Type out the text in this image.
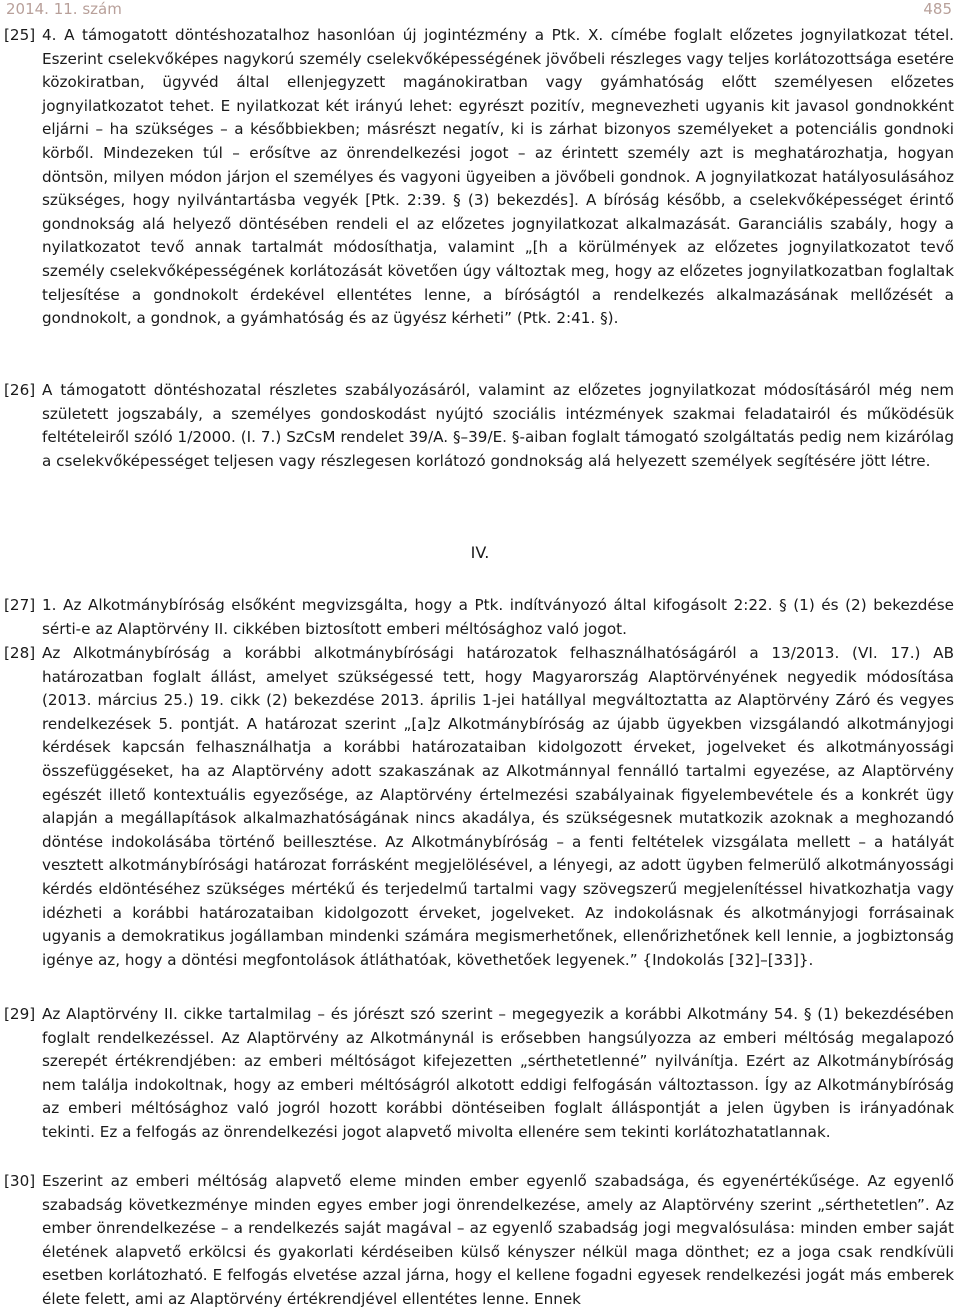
2014. 11. szám	485
[25] 4. A támogatott döntéshozatalhoz hasonlóan új jogintézmény a Ptk. X. címébe foglalt előzetes jognyilatkozat tétel. Eszerint cselekvőképes nagykorú személy cselekvőképességének jövőbeli részleges vagy teljes korlátozottsága esetére közokiratban, ügyvéd által ellenjegyzett magánokiratban vagy gyámhatóság előtt személyesen előzetes jognyilatkozatot tehet. E nyilatkozat két irányú lehet: egyrészt pozitív, megnevezheti ugyanis kit javasol gondnokként eljárni – ha szükséges – a későbbiekben; másrészt negatív, ki is zárhat bizonyos személyeket a potenciális gondnoki körből. Mindezeken túl – erősítve az önrendelkezési jogot – az érintett személy azt is meghatározhatja, hogyan döntsön, milyen módon járjon el személyes és vagyoni ügyeiben a jövőbeli gondnok. A jognyilatkozat hatályosulásához szükséges, hogy nyilvántartásba vegyék [Ptk. 2:39. § (3) bekezdés]. A bíróság később, a cselekvőképességet érintő gondnokság alá helyező döntésében rendeli el az előzetes jognyilatkozat alkalmazását. Garanciális szabály, hogy a nyilatkozatot tevő annak tartalmát módosíthatja, valamint „[h a körülmények az előzetes jognyilatkozatot tevő személy cselekvőképességének korlátozását követően úgy változtak meg, hogy az előzetes jognyilatkozatban foglaltak teljesítése a gondnokolt érdekével ellentétes lenne, a bíróságtól a rendelkezés alkalmazásának mellőzését a gondnokolt, a gondnok, a gyámhatóság és az ügyész kérheti” (Ptk. 2:41. §).
[26] A támogatott döntéshozatal részletes szabályozásáról, valamint az előzetes jognyilatkozat módosításáról még nem született jogszabály, a személyes gondoskodást nyújtó szociális intézmények szakmai feladatairól és működésük feltételeiről szóló 1/2000. (I. 7.) SzCsM rendelet 39/A. §–39/E. §-aiban foglalt támogató szolgáltatás pedig nem kizárólag a cselekvőképességet teljesen vagy részlegesen korlátozó gondnokság alá helyezett személyek segítésére jött létre.
IV.
[27] 1. Az Alkotmánybíróság elsőként megvizsgálta, hogy a Ptk. indítványozó által kifogásolt 2:22. § (1) és (2) bekezdése sérti-e az Alaptörvény II. cikkében biztosított emberi méltósághoz való jogot.
[28] Az Alkotmánybíróság a korábbi alkotmánybírósági határozatok felhasználhatóságáról a 13/2013. (VI. 17.) AB határozatban foglalt állást, amelyet szükségessé tett, hogy Magyarország Alaptörvényének negyedik módosítása (2013. március 25.) 19. cikk (2) bekezdése 2013. április 1-jei hatállyal megváltoztatta az Alaptörvény Záró és vegyes rendelkezések 5. pontját. A határozat szerint „[a]z Alkotmánybíróság az újabb ügyekben vizsgálandó alkotmányjogi kérdések kapcsán felhasználhatja a korábbi határozataiban kidolgozott érveket, jogelveket és alkotmányossági összefüggéseket, ha az Alaptörvény adott szakaszának az Alkotmánnyal fennálló tartalmi egyezése, az Alaptörvény egészét illető kontextuális egyezősége, az Alaptörvény értelmezési szabályainak figyelembevétele és a konkrét ügy alapján a megállapítások alkalmazhatóságának nincs akadálya, és szükségesnek mutatkozik azoknak a meghozandó döntése indokolásába történő beillesztése. Az Alkotmánybíróság – a fenti feltételek vizsgálata mellett – a hatályát vesztett alkotmánybírósági határozat forrásként megjelölésével, a lényegi, az adott ügyben felmerülő alkotmányossági kérdés eldöntéséhez szükséges mértékű és terjedelmű tartalmi vagy szövegszerű megjelenítéssel hivatkozhatja vagy idézheti a korábbi határozataiban kidolgozott érveket, jogelveket. Az indokolásnak és alkotmányjogi forrásainak ugyanis a demokratikus jogállamban mindenki számára megismerhetőnek, ellenőrizhetőnek kell lennie, a jogbiztonság igénye az, hogy a döntési megfontolások átláthatóak, követhetőek legyenek.” {Indokolás [32]–[33]}.
[29] Az Alaptörvény II. cikke tartalmilag – és jórészt szó szerint – megegyezik a korábbi Alkotmány 54. § (1) bekezdésében foglalt rendelkezéssel. Az Alaptörvény az Alkotmánynál is erősebben hangsúlyozza az emberi méltóság megalapozó szerepét értékrendjében: az emberi méltóságot kifejezetten „sérthetetlenné” nyilvánítja. Ezért az Alkotmánybíróság nem találja indokoltnak, hogy az emberi méltóságról alkotott eddigi felfogásán változtasson. Így az Alkotmánybíróság az emberi méltósághoz való jogról hozott korábbi döntéseiben foglalt álláspontját a jelen ügyben is irányadónak tekinti. Ez a felfogás az önrendelkezési jogot alapvető mivolta ellenére sem tekinti korlátozhatatlannak.
[30] Eszerint az emberi méltóság alapvető eleme minden ember egyenlő szabadsága, és egyenértékűsége. Az egyenlő szabadság következménye minden egyes ember jogi önrendelkezése, amely az Alaptörvény szerint „sérthetetlen”. Az ember önrendelkezése – a rendelkezés saját magával – az egyenlő szabadság jogi megvalósulása: minden ember saját életének alapvető erkölcsi és gyakorlati kérdéseiben külső kényszer nélkül maga dönthet; ez a joga csak rendkívüli esetben korlátozható. E felfogás elvetése azzal járna, hogy el kellene fogadni egyesek rendelkezési jogát más emberek élete felett, ami az Alaptörvény értékrendjével ellentétes lenne. Ennek
